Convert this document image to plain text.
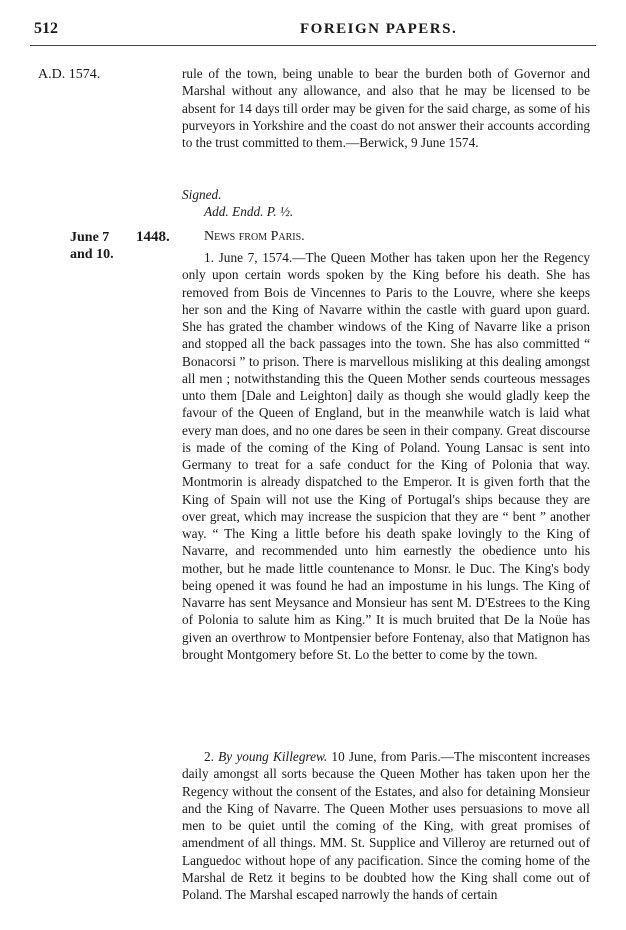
512	FOREIGN PAPERS.
A.D. 1574.	rule of the town, being unable to bear the burden both of Governor and Marshal without any allowance, and also that he may be licensed to be absent for 14 days till order may be given for the said charge, as some of his purveyors in Yorkshire and the coast do not answer their accounts according to the trust committed to them.—Berwick, 9 June 1574.

Signed.
Add. Endd. P. ½.
June 7
and 10.
1448. News from Paris.

1. June 7, 1574.—The Queen Mother has taken upon her the Regency only upon certain words spoken by the King before his death. She has removed from Bois de Vincennes to Paris to the Louvre, where she keeps her son and the King of Navarre within the castle with guard upon guard. She has grated the chamber windows of the King of Navarre like a prison and stopped all the back passages into the town. She has also committed “ Bonacorsi ” to prison. There is marvellous misliking at this dealing amongst all men ; notwithstanding this the Queen Mother sends courteous messages unto them [Dale and Leighton] daily as though she would gladly keep the favour of the Queen of England, but in the meanwhile watch is laid what every man does, and no one dares be seen in their company. Great discourse is made of the coming of the King of Poland. Young Lansac is sent into Germany to treat for a safe conduct for the King of Polonia that way. Montmorin is already dispatched to the Emperor. It is given forth that the King of Spain will not use the King of Portugal's ships because they are over great, which may increase the suspicion that they are “ bent ” another way. “ The King a little before his death spake lovingly to the King of Navarre, and recommended unto him earnestly the obedience unto his mother, but he made little countenance to Monsr. le Duc. The King's body being opened it was found he had an impostume in his lungs. The King of Navarre has sent Meysance and Monsieur has sent M. D'Estrees to the King of Polonia to salute him as King.” It is much bruited that De la Noüe has given an overthrow to Montpensier before Fontenay, also that Matignon has brought Montgomery before St. Lo the better to come by the town.

2. By young Killegrew. 10 June, from Paris.—The miscontent increases daily amongst all sorts because the Queen Mother has taken upon her the Regency without the consent of the Estates, and also for detaining Monsieur and the King of Navarre. The Queen Mother uses persuasions to move all men to be quiet until the coming of the King, with great promises of amendment of all things. MM. St. Supplice and Villeroy are returned out of Languedoc without hope of any pacification. Since the coming home of the Marshal de Retz it begins to be doubted how the King shall come out of Poland. The Marshal escaped narrowly the hands of certain
